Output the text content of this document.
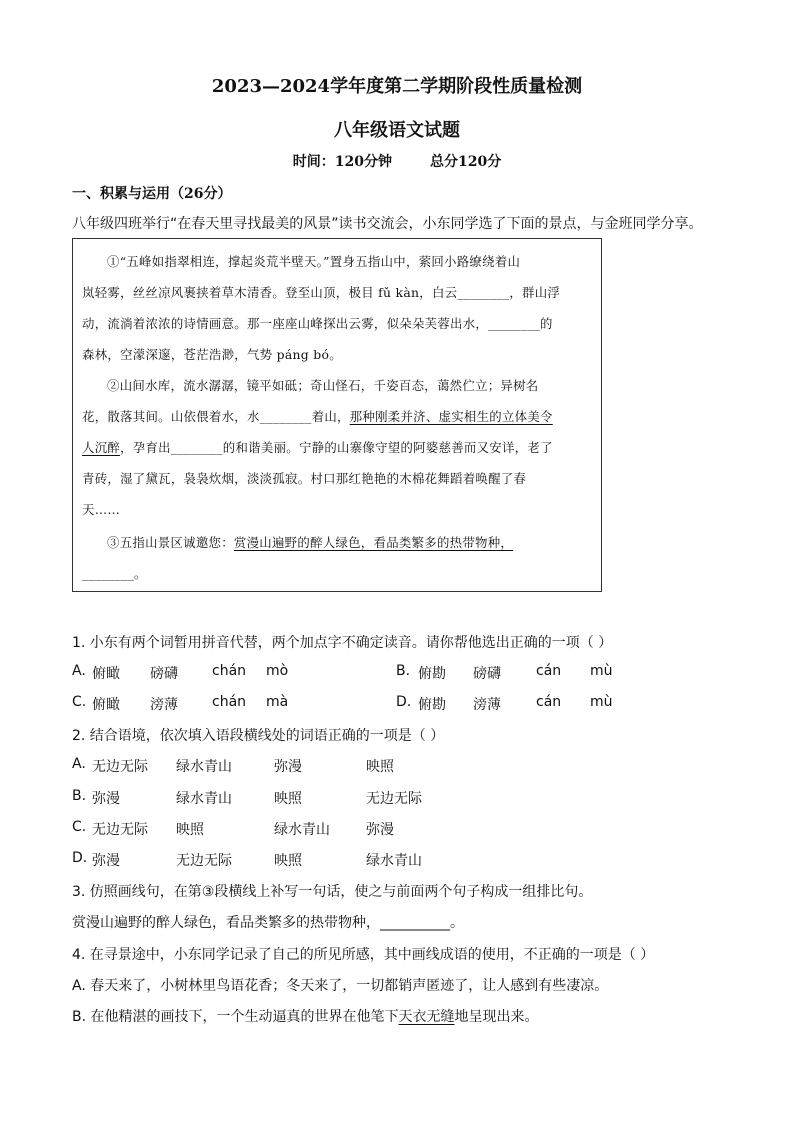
2023—2024学年度第二学期阶段性质量检测
八年级语文试题
时间：120分钟	总分120分
一、积累与运用（26分）
八年级四班举行“在春天里寻找最美的风景”读书交流会，小东同学选了下面的景点，与金班同学分享。
①“五峰如指翠相连，撑起炎荒半壁天。”置身五指山中，萦回小路缭绕着山
岚轻雾，丝丝凉风裹挟着草木清香。登至山顶，极目 fǔ kàn，白云________，群山浮
动，流淌着浓浓的诗情画意。那一座座山峰探出云雾，似朵朵芙蓉出水，________的
森林，空濛深邃，苍茫浩渺，气势 páng bó。
②山间水库，流水潺潺，镜平如砥；奇山怪石，千姿百态，蔼然伫立；异树名
花，散落其间。山依偎着水，水________着山，那种刚柔并济、虚实相生的立体美令
人沉醉，孕育出________的和谐美丽。宁静的山寨像守望的阿婆慈善而又安详，老了
青砖，湿了黛瓦，袅袅炊烟，淡淡孤寂。村口那红艳艳的木棉花舞蹈着唤醒了春
天……
③五指山景区诚邀您：赏漫山遍野的醉人绿色，看品类繁多的热带物种，
________。
1. 小东有两个词暂用拼音代替，两个加点字不确定读音。请你帮他选出正确的一项（ ）
A. 俯瞰 磅礴 chán mò	B. 俯勘 磅礴	cán mù
C. 俯瞰 滂薄 chán mà	D. 俯勘 滂薄	cán mù
2. 结合语境，依次填入语段横线处的词语正确的一项是（ ）
A. 无边无际 绿水青山	弥漫	映照
B. 弥漫	绿水青山	映照	无边无际
C. 无边无际 映照	绿水青山	弥漫
D. 弥漫	无边无际	映照	绿水青山
3. 仿照画线句，在第③段横线上补写一句话，使之与前面两个句子构成一组排比句。
赏漫山遍野的醉人绿色，看品类繁多的热带物种，__________。
4. 在寻景途中，小东同学记录了自己的所见所感，其中画线成语的使用，不正确的一项是（ ）
A. 春天来了，小树林里鸟语花香；冬天来了，一切都销声匿迹了，让人感到有些凄凉。
B. 在他精湛的画技下，一个生动逼真的世界在他笔下天衣无缝地呈现出来。
